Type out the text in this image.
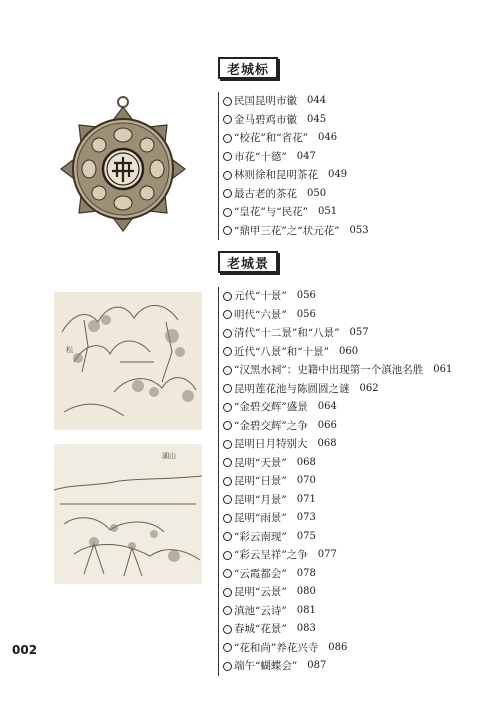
松
湖山
老城标
民国昆明市徽 044
金马碧鸡市徽 045
“校花”和“省花” 046
市花“十德” 047
林则徐和昆明茶花 049
最古老的茶花 050
“皇花”与“民花” 051
“鼎甲三花”之“状元花” 053
老城景
元代“十景” 056
明代“六景” 056
清代“十二景”和“八景” 057
近代“八景”和“十景” 060
“汉黑水祠”：史籍中出现第一个滇池名胜 061
昆明莲花池与陈圆圆之谜 062
“金碧交辉”盛景 064
“金碧交辉”之争 066
昆明日月特别大 068
昆明“天景” 068
昆明“日景” 070
昆明“月景” 071
昆明“雨景” 073
“彩云南现” 075
“彩云呈祥”之争 077
“云霞都会” 078
昆明“云景” 080
滇池“云诗” 081
春城“花景” 083
“花和尚”养花兴寺 086
端午“蝴蝶会” 087
002
